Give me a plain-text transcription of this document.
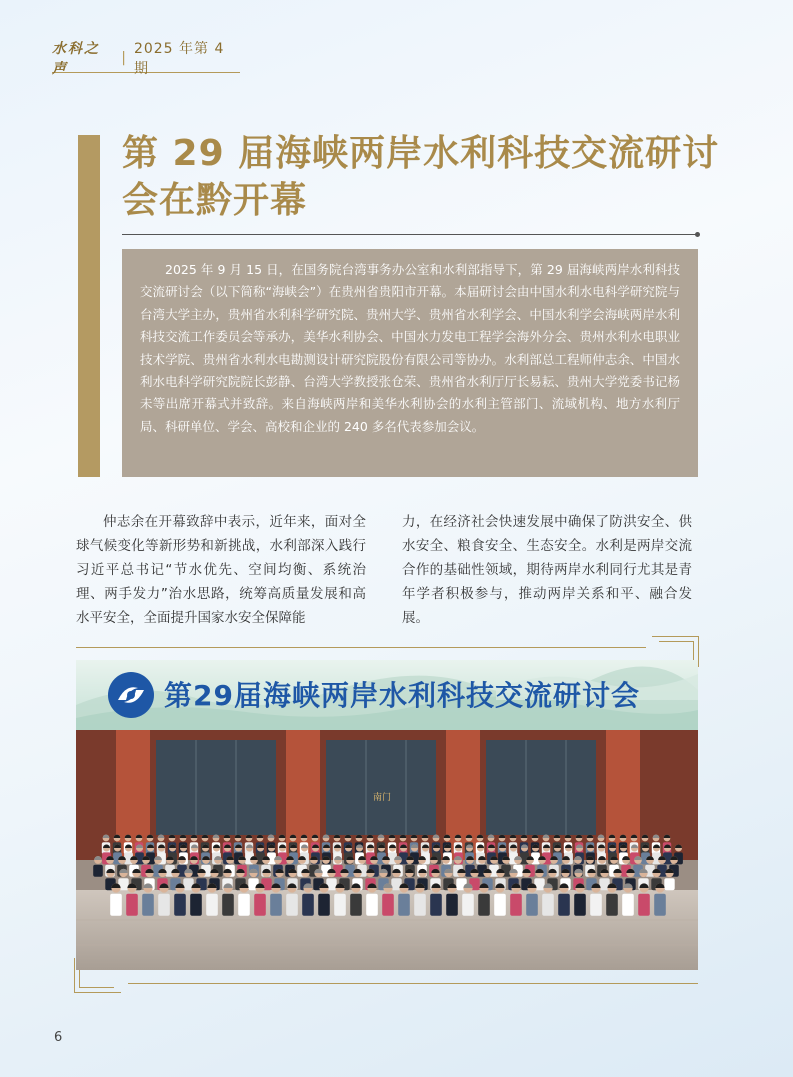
水科之声
|
2025 年第 4 期
第 29 届海峡两岸水利科技交流研讨会在黔开幕
2025 年 9 月 15 日，在国务院台湾事务办公室和水利部指导下，第 29 届海峡两岸水利科技交流研讨会（以下简称“海峡会”）在贵州省贵阳市开幕。本届研讨会由中国水利水电科学研究院与台湾大学主办，贵州省水利科学研究院、贵州大学、贵州省水利学会、中国水利学会海峡两岸水利科技交流工作委员会等承办，美华水利协会、中国水力发电工程学会海外分会、贵州水利水电职业技术学院、贵州省水利水电勘测设计研究院股份有限公司等协办。水利部总工程师仲志余、中国水利水电科学研究院院长彭静、台湾大学教授张仓荣、贵州省水利厅厅长易耘、贵州大学党委书记杨未等出席开幕式并致辞。来自海峡两岸和美华水利协会的水利主管部门、流域机构、地方水利厅局、科研单位、学会、高校和企业的 240 多名代表参加会议。
仲志余在开幕致辞中表示，近年来，面对全球气候变化等新形势和新挑战，水利部深入践行习近平总书记“节水优先、空间均衡、系统治理、两手发力”治水思路，统筹高质量发展和高水平安全，全面提升国家水安全保障能
力，在经济社会快速发展中确保了防洪安全、供水安全、粮食安全、生态安全。水利是两岸交流合作的基础性领域，期待两岸水利同行尤其是青年学者积极参与，推动两岸关系和平、融合发展。
第29届海峡两岸水利科技交流研讨会
南门
6
